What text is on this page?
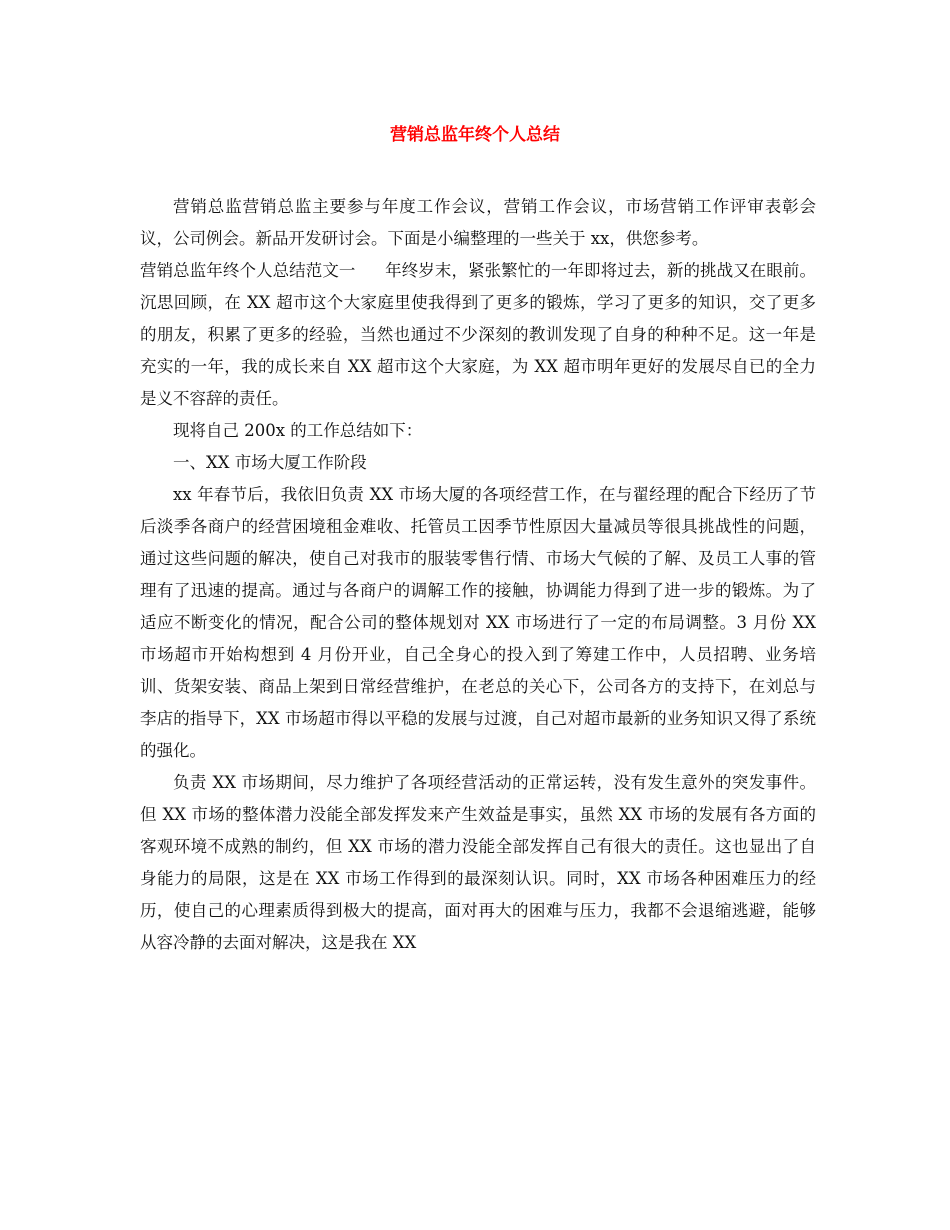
营销总监年终个人总结

营销总监营销总监主要参与年度工作会议，营销工作会议，市场营销工作评审表彰会议，公司例会。新品开发研讨会。下面是小编整理的一些关于 xx，供您参考。

营销总监年终个人总结范文一 年终岁末，紧张繁忙的一年即将过去，新的挑战又在眼前。沉思回顾，在 XX 超市这个大家庭里使我得到了更多的锻炼，学习了更多的知识，交了更多的朋友，积累了更多的经验，当然也通过不少深刻的教训发现了自身的种种不足。这一年是充实的一年，我的成长来自 XX 超市这个大家庭，为 XX 超市明年更好的发展尽自已的全力是义不容辞的责任。

现将自己 200x 的工作总结如下：

一、XX 市场大厦工作阶段

xx 年春节后，我依旧负责 XX 市场大厦的各项经营工作，在与翟经理的配合下经历了节后淡季各商户的经营困境租金难收、托管员工因季节性原因大量减员等很具挑战性的问题，通过这些问题的解决，使自己对我市的服装零售行情、市场大气候的了解、及员工人事的管理有了迅速的提高。通过与各商户的调解工作的接触，协调能力得到了进一步的锻炼。为了适应不断变化的情况，配合公司的整体规划对 XX 市场进行了一定的布局调整。3 月份 XX 市场超市开始构想到 4 月份开业，自己全身心的投入到了筹建工作中，人员招聘、业务培训、货架安装、商品上架到日常经营维护，在老总的关心下，公司各方的支持下，在刘总与李店的指导下，XX 市场超市得以平稳的发展与过渡，自己对超市最新的业务知识又得了系统的强化。

负责 XX 市场期间，尽力维护了各项经营活动的正常运转，没有发生意外的突发事件。但 XX 市场的整体潜力没能全部发挥发来产生效益是事实，虽然 XX 市场的发展有各方面的客观环境不成熟的制约，但 XX 市场的潜力没能全部发挥自己有很大的责任。这也显出了自身能力的局限，这是在 XX 市场工作得到的最深刻认识。同时，XX 市场各种困难压力的经历，使自己的心理素质得到极大的提高，面对再大的困难与压力，我都不会退缩逃避，能够从容冷静的去面对解决，这是我在 XX
